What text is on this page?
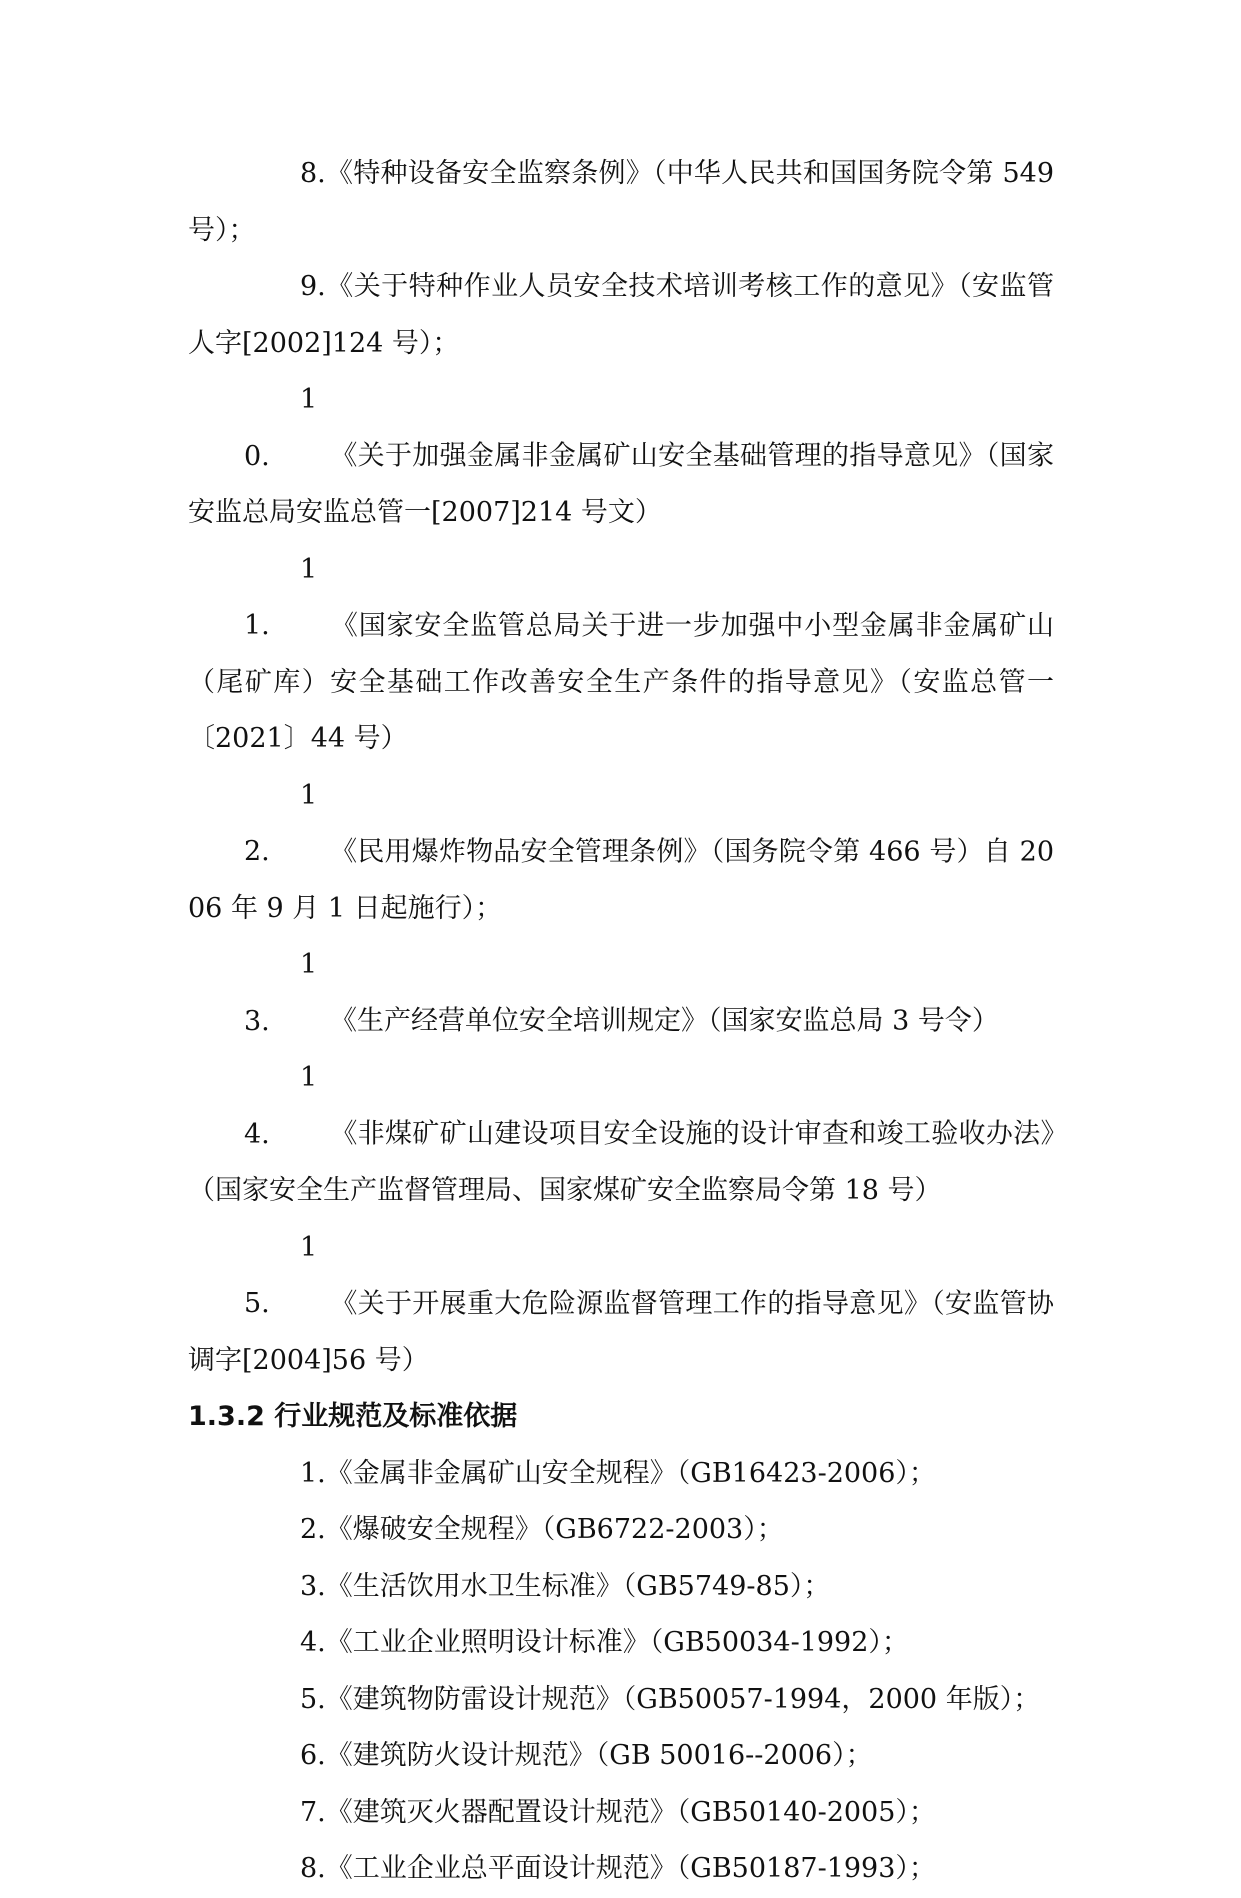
8.《特种设备安全监察条例》（中华人民共和国国务院令第 549 号）；

9.《关于特种作业人员安全技术培训考核工作的意见》（安监管人字[2002]124 号）；

10. 《关于加强金属非金属矿山安全基础管理的指导意见》（国家安监总局安监总管一[2007]214 号文）

11. 《国家安全监管总局关于进一步加强中小型金属非金属矿山（尾矿库）安全基础工作改善安全生产条件的指导意见》（安监总管一〔2021〕44 号）

12. 《民用爆炸物品安全管理条例》（国务院令第 466 号）自 2006 年 9 月 1 日起施行）；

13. 《生产经营单位安全培训规定》（国家安监总局 3 号令）

14. 《非煤矿矿山建设项目安全设施的设计审查和竣工验收办法》（国家安全生产监督管理局、国家煤矿安全监察局令第 18 号）

15. 《关于开展重大危险源监督管理工作的指导意见》（安监管协调字[2004]56 号）

1.3.2 行业规范及标准依据

1.《金属非金属矿山安全规程》（GB16423-2006）；

2.《爆破安全规程》（GB6722-2003）；

3.《生活饮用水卫生标准》（GB5749-85）；

4.《工业企业照明设计标准》（GB50034-1992）；

5.《建筑物防雷设计规范》（GB50057-1994，2000 年版）；

6.《建筑防火设计规范》（GB 50016--2006）；

7.《建筑灭火器配置设计规范》（GB50140-2005）；

8.《工业企业总平面设计规范》（GB50187-1993）；
